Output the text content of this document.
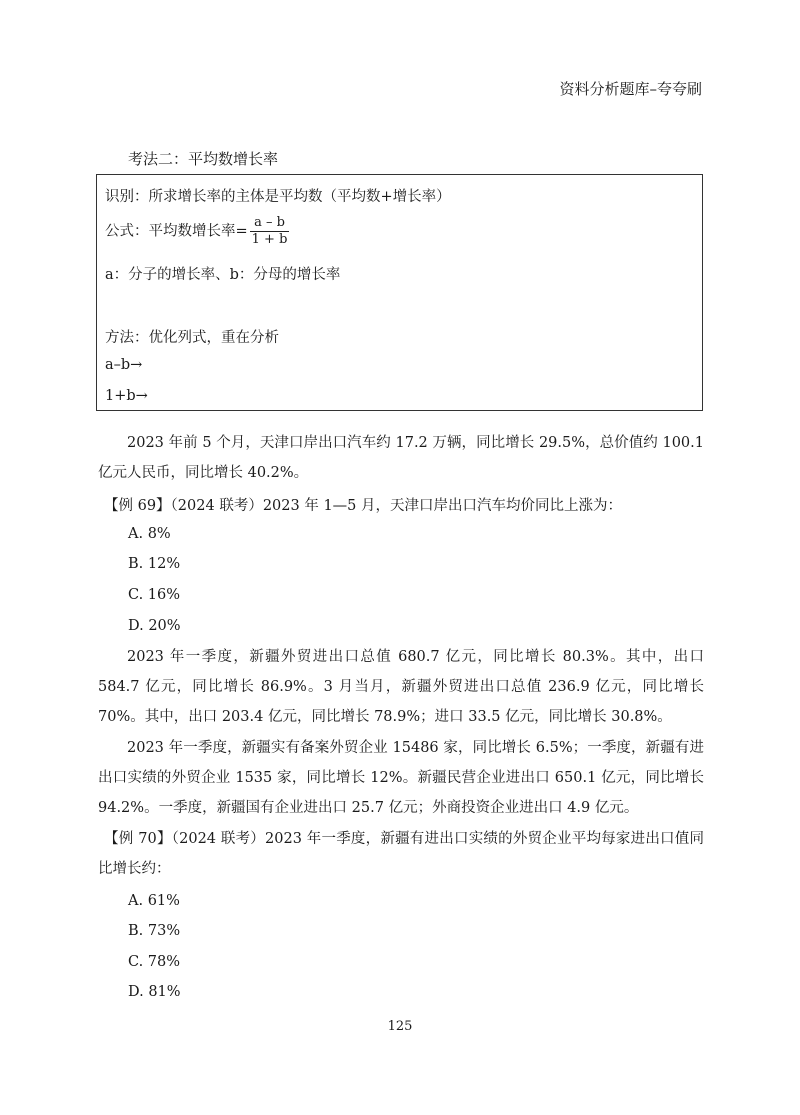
资料分析题库–夸夸刷
考法二：平均数增长率
识别：所求增长率的主体是平均数（平均数+增长率）
公式：平均数增长率= $\frac{a - b}{1 + b}$
a：分子的增长率、b：分母的增长率
方法：优化列式，重在分析
a–b→
1+b→
2023 年前 5 个月，天津口岸出口汽车约 17.2 万辆，同比增长 29.5%，总价值约 100.1 亿元人民币，同比增长 40.2%。
【例 69】（2024 联考）2023 年 1—5 月，天津口岸出口汽车均价同比上涨为：
A. 8%
B. 12%
C. 16%
D. 20%
2023 年一季度，新疆外贸进出口总值 680.7 亿元，同比增长 80.3%。其中，出口 584.7 亿元，同比增长 86.9%。3 月当月，新疆外贸进出口总值 236.9 亿元，同比增长 70%。其中，出口 203.4 亿元，同比增长 78.9%；进口 33.5 亿元，同比增长 30.8%。
2023 年一季度，新疆实有备案外贸企业 15486 家，同比增长 6.5%；一季度，新疆有进出口实绩的外贸企业 1535 家，同比增长 12%。新疆民营企业进出口 650.1 亿元，同比增长 94.2%。一季度，新疆国有企业进出口 25.7 亿元；外商投资企业进出口 4.9 亿元。
【例 70】（2024 联考）2023 年一季度，新疆有进出口实绩的外贸企业平均每家进出口值同比增长约：
A. 61%
B. 73%
C. 78%
D. 81%
125
